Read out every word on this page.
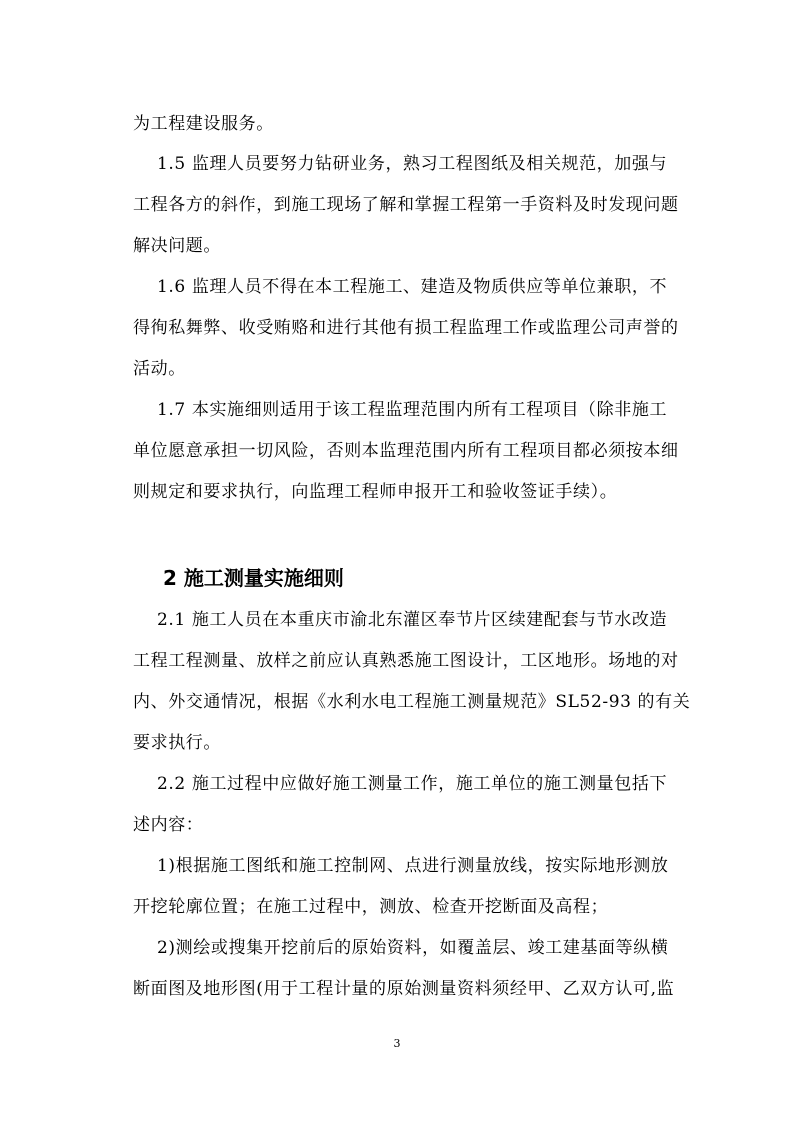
为工程建设服务。
1.5 监理人员要努力钻研业务，熟习工程图纸及相关规范，加强与
工程各方的斜作，到施工现场了解和掌握工程第一手资料及时发现问题
解决问题。
1.6 监理人员不得在本工程施工、建造及物质供应等单位兼职，不
得徇私舞弊、收受贿赂和进行其他有损工程监理工作或监理公司声誉的
活动。
1.7 本实施细则适用于该工程监理范围内所有工程项目（除非施工
单位愿意承担一切风险，否则本监理范围内所有工程项目都必须按本细
则规定和要求执行，向监理工程师申报开工和验收签证手续）。
2 施工测量实施细则
2.1 施工人员在本重庆市渝北东灌区奉节片区续建配套与节水改造
工程工程测量、放样之前应认真熟悉施工图设计，工区地形。场地的对
内、外交通情况，根据《水利水电工程施工测量规范》SL52-93 的有关
要求执行。
2.2 施工过程中应做好施工测量工作，施工单位的施工测量包括下
述内容：
1)根据施工图纸和施工控制网、点进行测量放线，按实际地形测放
开挖轮廓位置；在施工过程中，测放、检查开挖断面及高程；
2)测绘或搜集开挖前后的原始资料，如覆盖层、竣工建基面等纵横
断面图及地形图(用于工程计量的原始测量资料须经甲、乙双方认可,监
3
